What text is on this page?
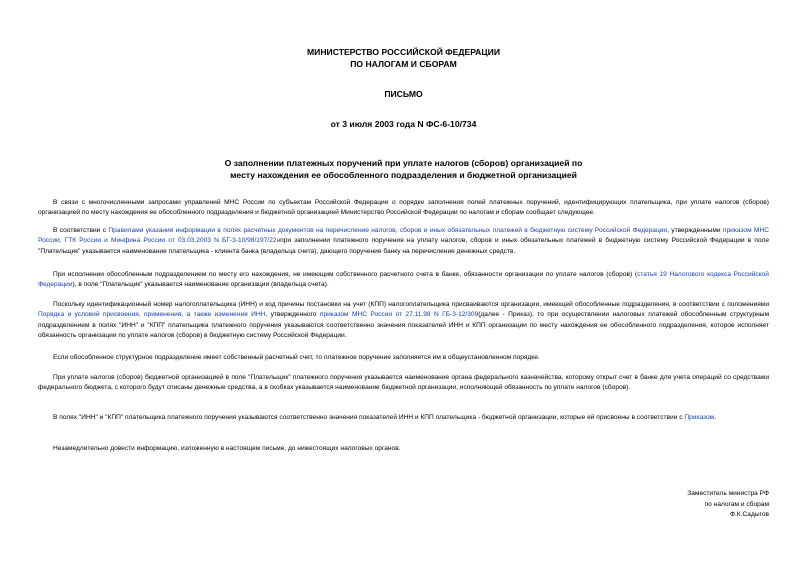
МИНИСТЕРСТВО РОССИЙСКОЙ ФЕДЕРАЦИИ
ПО НАЛОГАМ И СБОРАМ
ПИСЬМО
от 3 июля 2003 года N ФС-6-10/734
О заполнении платежных поручений при уплате налогов (сборов) организацией по
месту нахождения ее обособленного подразделения и бюджетной организацией

В связи с многочисленными запросами управлений МНС России по субъектам Российской Федерации о порядке заполнения полей платежных поручений, идентифицирующих плательщика, при уплате налогов (сборов) организацией по месту нахождения ее обособленного подразделения и бюджетной организацией Министерство Российской Федерации по налогам и сборам сообщает следующее.

В соответствии с Правилами указания информации в полях расчетных документов на перечисление налогов, сборов и иных обязательных платежей в бюджетную систему Российской Федерации, утвержденными приказом МНС России, ГТК России и Минфина России от 03.03.2003 N БГ-3-10/98/197/22нпри заполнении платежного поручения на уплату налогов, сборов и иных обязательных платежей в бюджетную систему Российской Федерации в поле "Плательщик" указывается наименование плательщика - клиента банка (владельца счета), дающего поручение банку на перечисление денежных средств.

При исполнении обособленным подразделением по месту его нахождения, не имеющим собственного расчетного счета в банке, обязанности организации по уплате налогов (сборов) (статья 19 Налогового кодекса Российской Федерации), в поле "Плательщик" указывается наименование организации (владельца счета).

Поскольку идентификационный номер налогоплательщика (ИНН) и код причины постановки на учет (КПП) налогоплательщика присваиваются организации, имеющей обособленные подразделения, в соответствии с положениями Порядка и условий присвоения, применения, а также изменения ИНН, утвержденного приказом МНС России от 27.11.98 N ГБ-3-12/309(далее - Приказ), то при осуществлении налоговых платежей обособленным структурным подразделением в полях "ИНН" и "КПП" плательщика платежного поручения указываются соответственно значения показателей ИНН и КПП организации по месту нахождения ее обособленного подразделения, которое исполняет обязанность организации по уплате налогов (сборов) в бюджетную систему Российской Федерации.

Если обособленное структурное подразделение имеет собственный расчетный счет, то платежное поручение заполняется им в общеустановленном порядке.

При уплате налогов (сборов) бюджетной организацией в поле "Плательщик" платежного поручения указывается наименование органа федерального казначейства, которому открыт счет в банке для учета операций со средствами федерального бюджета, с которого будут списаны денежные средства, а в скобках указывается наименование бюджетной организации, исполняющей обязанность по уплате налогов (сборов).

В полях "ИНН" и "КПП" плательщика платежного поручения указываются соответственно значения показателей ИНН и КПП плательщика - бюджетной организации, которые ей присвоены в соответствии с Приказом.

Незамедлительно довести информацию, изложенную в настоящем письме, до нижестоящих налоговых органов.

Заместитель министра РФ
по налогам и сборам
Ф.К.Садыгов
